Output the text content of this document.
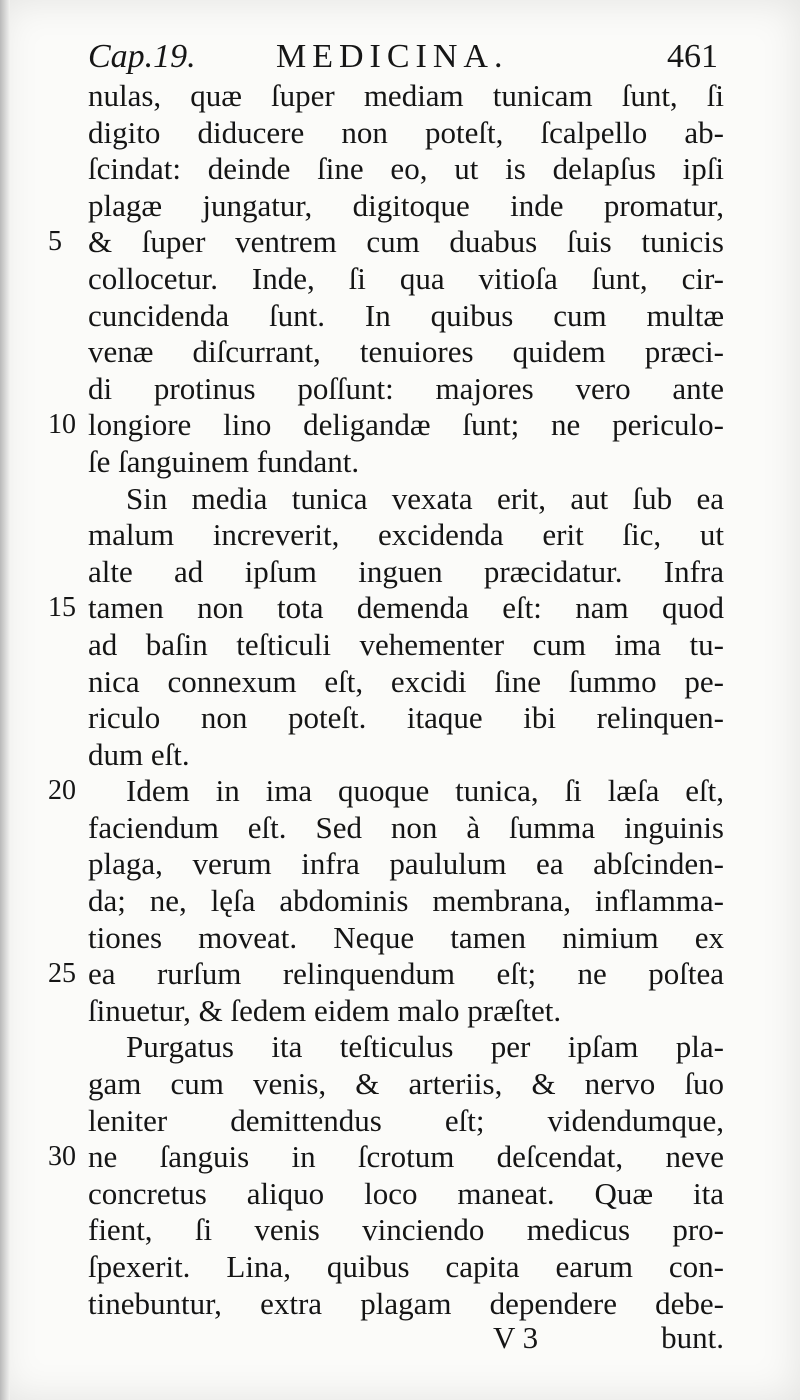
Cap.19. MEDICINA.	461
nulas, quæ ſuper mediam tunicam ſunt, ſi
digito diducere non poteſt, ſcalpello ab-
ſcindat: deinde ſine eo, ut is delapſus ipſi
plagæ jungatur, digitoque inde promatur,
5 & ſuper ventrem cum duabus ſuis tunicis
collocetur. Inde, ſi qua vitioſa ſunt, cir-
cuncidenda ſunt. In quibus cum multæ
venæ diſcurrant, tenuiores quidem præci-
di protinus poſſunt: majores vero ante
10 longiore lino deligandæ ſunt; ne periculo-
ſe ſanguinem fundant.
Sin media tunica vexata erit, aut ſub ea
malum increverit, excidenda erit ſic, ut
alte ad ipſum inguen præcidatur. Infra
15 tamen non tota demenda eſt: nam quod
ad baſin teſticuli vehementer cum ima tu-
nica connexum eſt, excidi ſine ſummo pe-
riculo non poteſt. itaque ibi relinquen-
dum eſt.
20 Idem in ima quoque tunica, ſi læſa eſt,
faciendum eſt. Sed non à ſumma inguinis
plaga, verum infra paululum ea abſcinden-
da; ne, lęſa abdominis membrana, inflamma-
tiones moveat. Neque tamen nimium ex
25 ea rurſum relinquendum eſt; ne poſtea
ſinuetur, & ſedem eidem malo præſtet.
Purgatus ita teſticulus per ipſam pla-
gam cum venis, & arteriis, & nervo ſuo
leniter demittendus eſt; videndumque,
30 ne ſanguis in ſcrotum deſcendat, neve
concretus aliquo loco maneat. Quæ ita
fient, ſi venis vinciendo medicus pro-
ſpexerit. Lina, quibus capita earum con-
tinebuntur, extra plagam dependere debe-
V 3	bunt.
